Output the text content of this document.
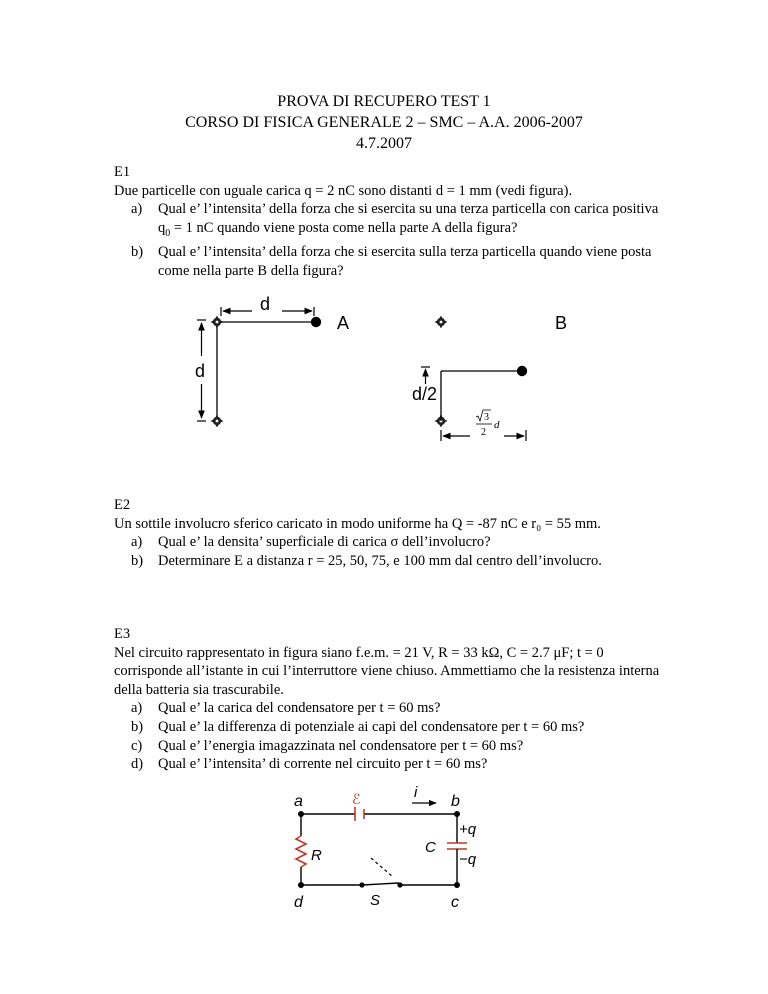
PROVA DI RECUPERO TEST 1
CORSO DI FISICA GENERALE 2 – SMC – A.A. 2006-2007
4.7.2007

E1

Due particelle con uguale carica q = 2 nC sono distanti d = 1 mm (vedi figura).

a) Qual e’ l’intensita’ della forza che si esercita su una terza particella con carica positiva $q_0 = 1$ nC quando viene posta come nella parte A della figura?
b) Qual e’ l’intensita’ della forza che si esercita sulla terza particella quando viene posta come nella parte B della figura?
d
A
d
B
d/2
3
2
d

E2

Un sottile involucro sferico caricato in modo uniforme ha Q = -87 nC e r₀ = 55 mm.

a) Qual e’ la densita’ superficiale di carica σ dell’involucro?
b) Determinare E a distanza r = 25, 50, 75, e 100 mm dal centro dell’involucro.

E3

Nel circuito rappresentato in figura siano f.e.m. = 21 V, R = 33 kΩ, C = 2.7 μF; t = 0 corrisponde all’istante in cui l’interruttore viene chiuso. Ammettiamo che la resistenza interna della batteria sia trascurabile.

a) Qual e’ la carica del condensatore per t = 60 ms?
b) Qual e’ la differenza di potenziale ai capi del condensatore per t = 60 ms?
c) Qual e’ l’energia imagazzinata nel condensatore per t = 60 ms?
d) Qual e’ l’intensita’ di corrente nel circuito per t = 60 ms?
ℰ	i
C
+q
−q
R
S
a	b
c
d
